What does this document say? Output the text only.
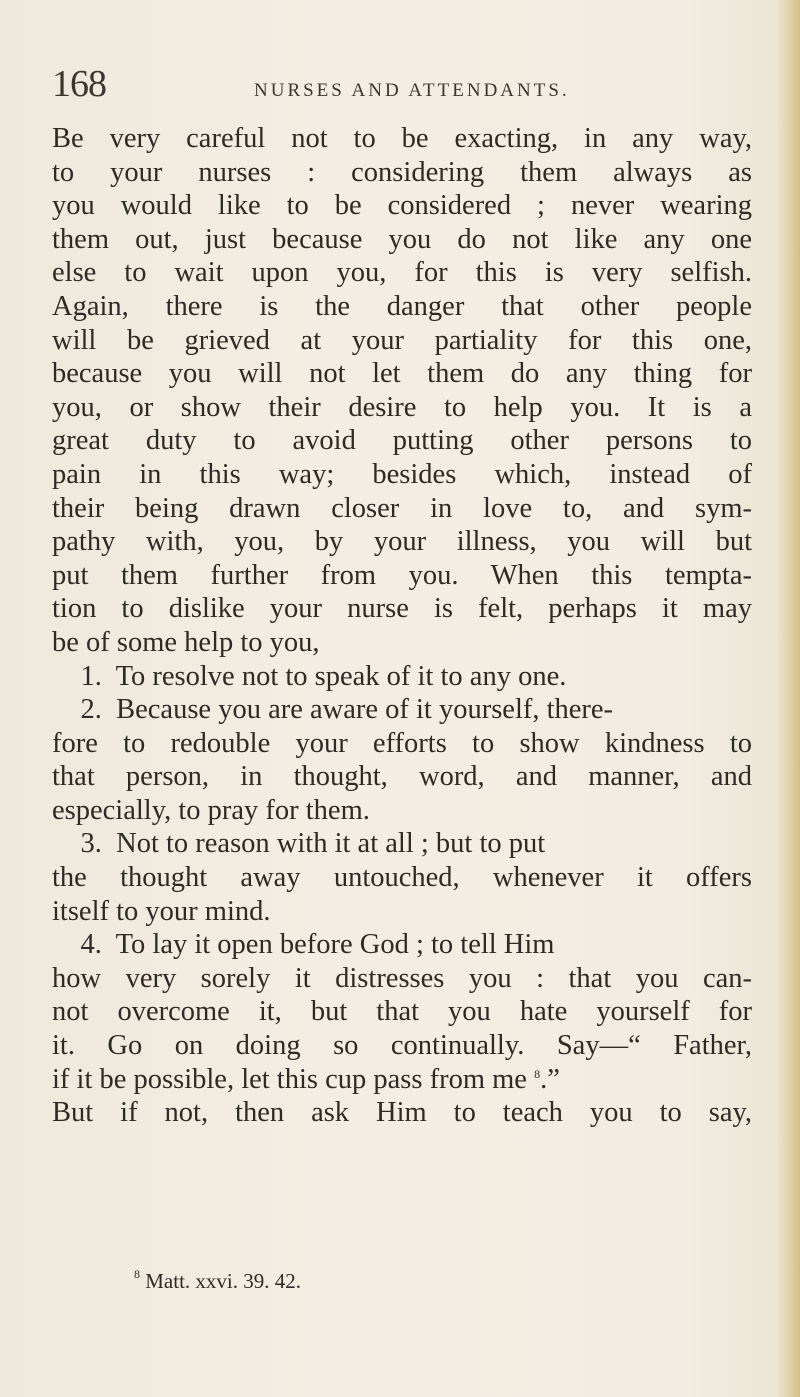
168	NURSES AND ATTENDANTS.
Be very careful not to be exacting, in any way,
to your nurses : considering them always as
you would like to be considered ; never wearing
them out, just because you do not like any one
else to wait upon you, for this is very selfish.
Again, there is the danger that other people
will be grieved at your partiality for this one,
because you will not let them do any thing for
you, or show their desire to help you. It is a
great duty to avoid putting other persons to
pain in this way; besides which, instead of
their being drawn closer in love to, and sym-
pathy with, you, by your illness, you will but
put them further from you. When this tempta-
tion to dislike your nurse is felt, perhaps it may
be of some help to you,
1.  To resolve not to speak of it to any one.
2.  Because you are aware of it yourself, there-
fore to redouble your efforts to show kindness to
that person, in thought, word, and manner, and
especially, to pray for them.
3.  Not to reason with it at all ; but to put
the thought away untouched, whenever it offers
itself to your mind.
4.  To lay it open before God ; to tell Him
how very sorely it distresses you : that you can-
not overcome it, but that you hate yourself for
it. Go on doing so continually. Say—“ Father,
if it be possible, let this cup pass from me $^8$.”
But if not, then ask Him to teach you to say,
$^8$ Matt. xxvi. 39. 42.
